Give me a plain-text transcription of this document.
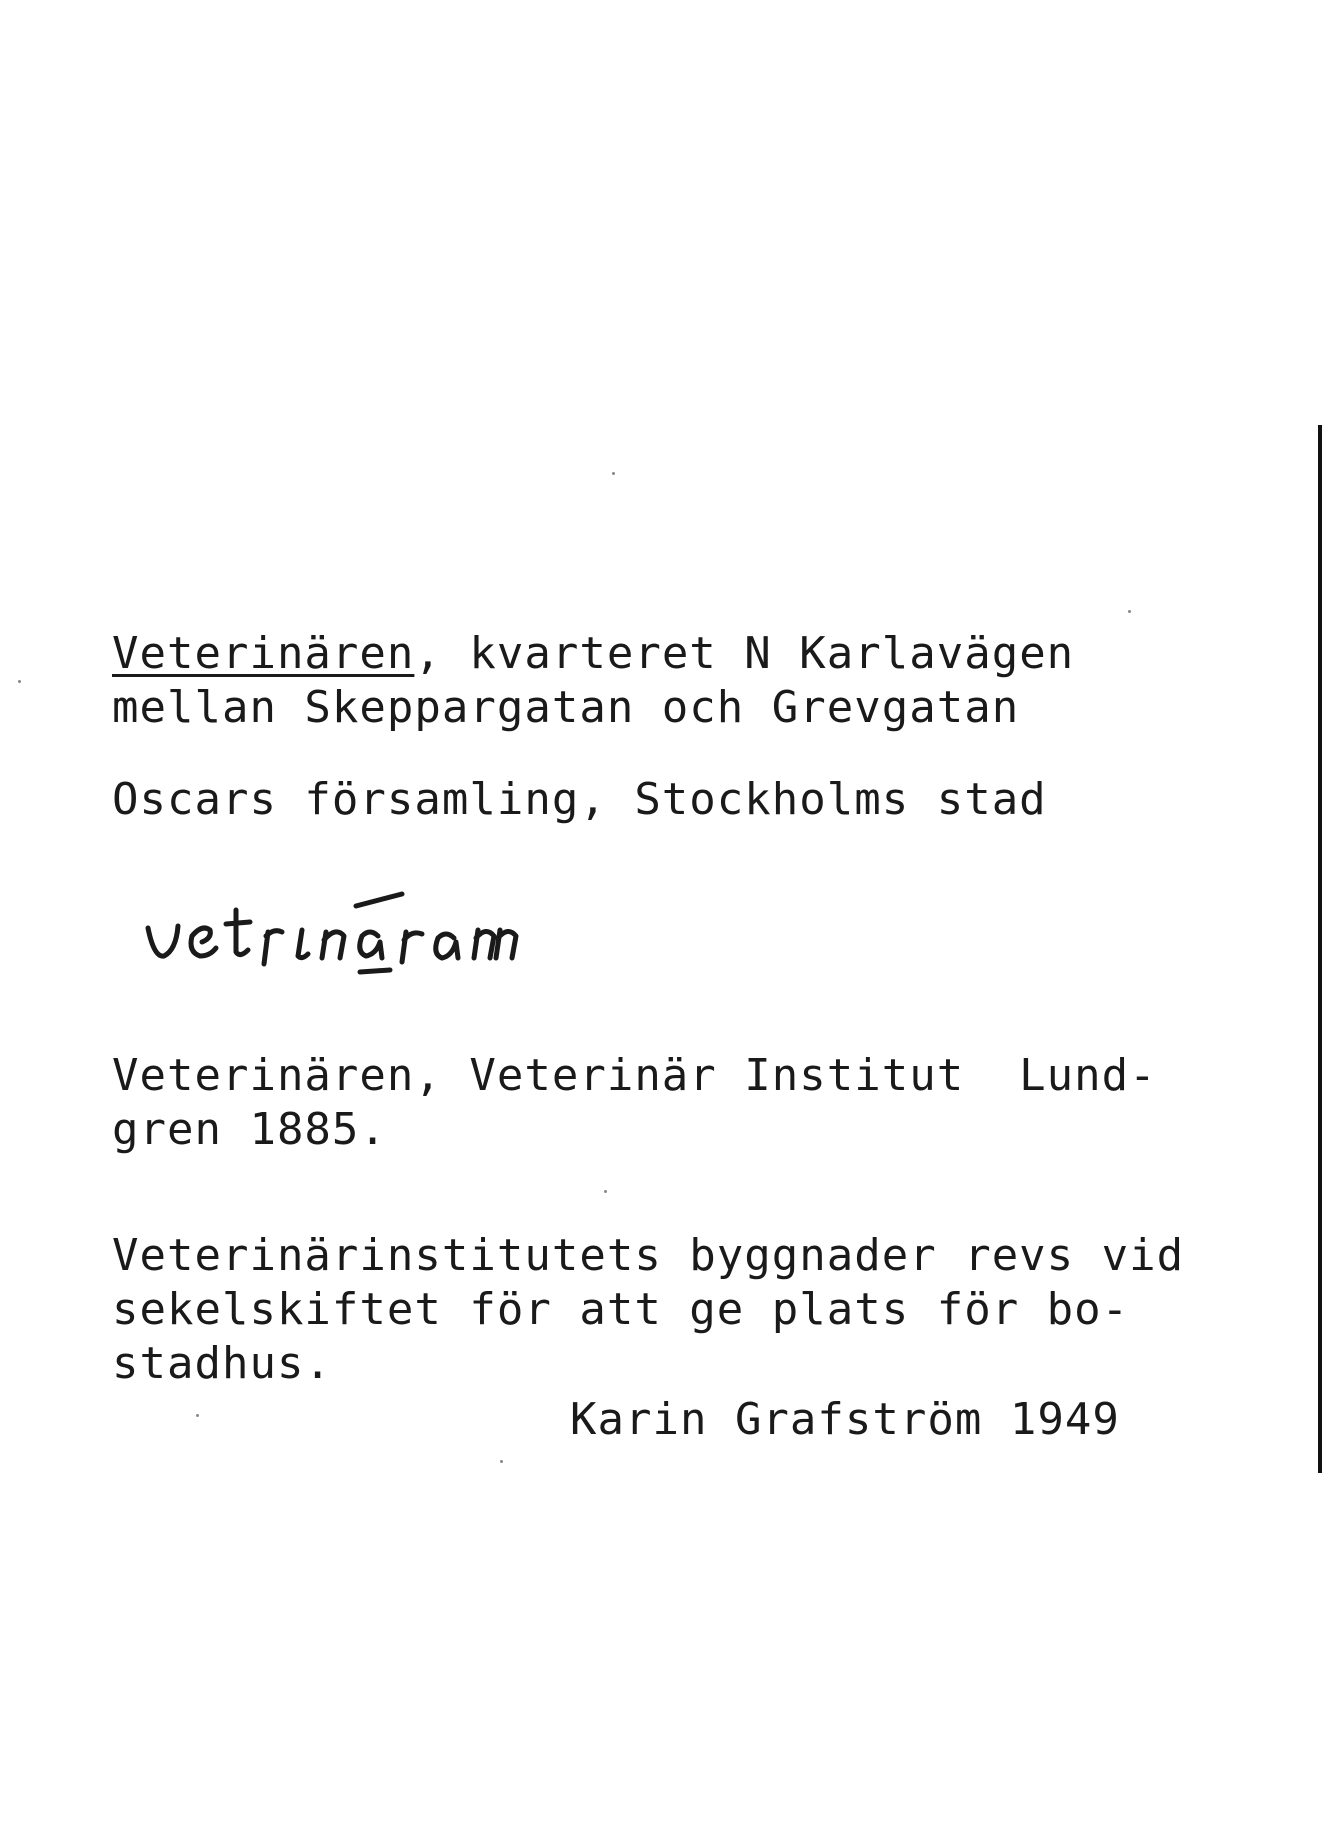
Veterinären, kvarteret N Karlavägen

mellan Skeppargatan och Grevgatan

Oscars församling, Stockholms stad

Veterinären, Veterinär Institut  Lund-

gren 1885.

Veterinärinstitutets byggnader revs vid

sekelskiftet för att ge plats för bo-

stadhus.

Karin Grafström 1949
